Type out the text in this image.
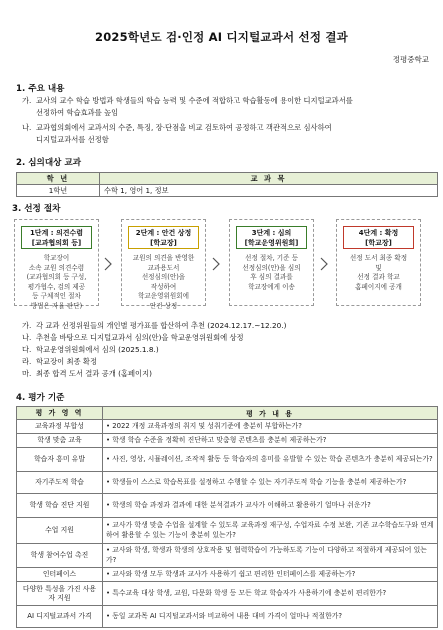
2025학년도 검·인정 AI 디지털교과서 선정 결과
정평중학교
1. 주요 내용
가. 교사의 교수 학습 방법과 학생들의 학습 능력 및 수준에 적합하고 학습활동에 용이한 디지털교과서를
선정하여 학습효과를 높임
나. 교과협의회에서 교과서의 수준, 특징, 장·단점을 비교 검토하여 공정하고 객관적으로 심사하여
디지털교과서를 선정함
2. 심의대상 교과
학 년	교 과 목
1학년	수학 1, 영어 1, 정보
3. 선정 절차
1단계 : 의견수렴
[교과협의회 등]
학교장이
소속 교원 의견수렴
(교과협의회 등 구성,
평가협수, 검의 제공
등 구체적인 절차
방법은 자율 판단)
2단계 : 안건 상정
[학교장]
교원의 의견을 반영한
교과용도서
선정심의(안)을
작성하여
학교운영위원회에
안건 상정
3단계 : 심의
[학교운영위원회]
선정 절차, 기준 등
선정심의(안)을 심의
후 심의 결과를
학교장에게 이송
4단계 : 확정
[학교장]
선정 도서 최종 확정
및
선정 결과 학교
홈페이지에 공개
가. 각 교과 선정위원들의 개인별 평가표를 합산하여 추천 (2024.12.17.~12.20.)
나. 추천을 바탕으로 디지털교과서 심의(안)을 학교운영위원회에 상정
다. 학교운영위원회에서 심의 (2025.1.8.)
라. 학교장이 최종 확정
마. 최종 합격 도서 결과 공개 (홈페이지)
4. 평가 기준
평 가 영 역	평 가 내 용
교육과정 부합성	• 2022 개정 교육과정의 취지 및 성취기준에 충분히 부합하는가?
학생 맞춤 교육	• 학생 학습 수준을 정확히 진단하고 맞춤형 콘텐츠를 충분히 제공하는가?
학습자 흥미 유발	• 사진, 영상, 시뮬레이션, 조작적 활동 등 학습자의 흥미를 유발할 수 있는 학습 콘텐츠가 충분히 제공되는가?
자기주도적 학습	• 학생들이 스스로 학습목표를 설정하고 수행할 수 있는 자기주도적 학습 기능을 충분히 제공하는가?
학생 학습 진단 지원	• 학생의 학습 과정과 결과에 대한 분석결과가 교사가 이해하고 활용하기 얼마나 쉬운가?
수업 지원	• 교사가 학생 맞춤 수업을 설계할 수 있도록 교육과정 재구성, 수업자료 수정 보완, 기존 교수학습도구와 연계하여 활용할 수 있는 기능이 충분히 있는가?
학생 참여수업 촉진	• 교사와 학생, 학생과 학생의 상호작용 및 협력학습이 가능하도록 기능이 다양하고 적절하게 제공되어 있는가?
인터페이스	• 교사와 학생 모두 학생과 교사가 사용하기 쉽고 편리한 인터페이스를 제공하는가?
다양한 특성을 가진 사용자 지원	• 특수교육 대상 학생, 교원, 다문화 학생 등 모든 학교 학습자가 사용하기에 충분히 편리한가?
AI 디지털교과서 가격	• 동일 교과목 AI 디지털교과서와 비교하여 내용 대비 가격이 얼마나 적절한가?
